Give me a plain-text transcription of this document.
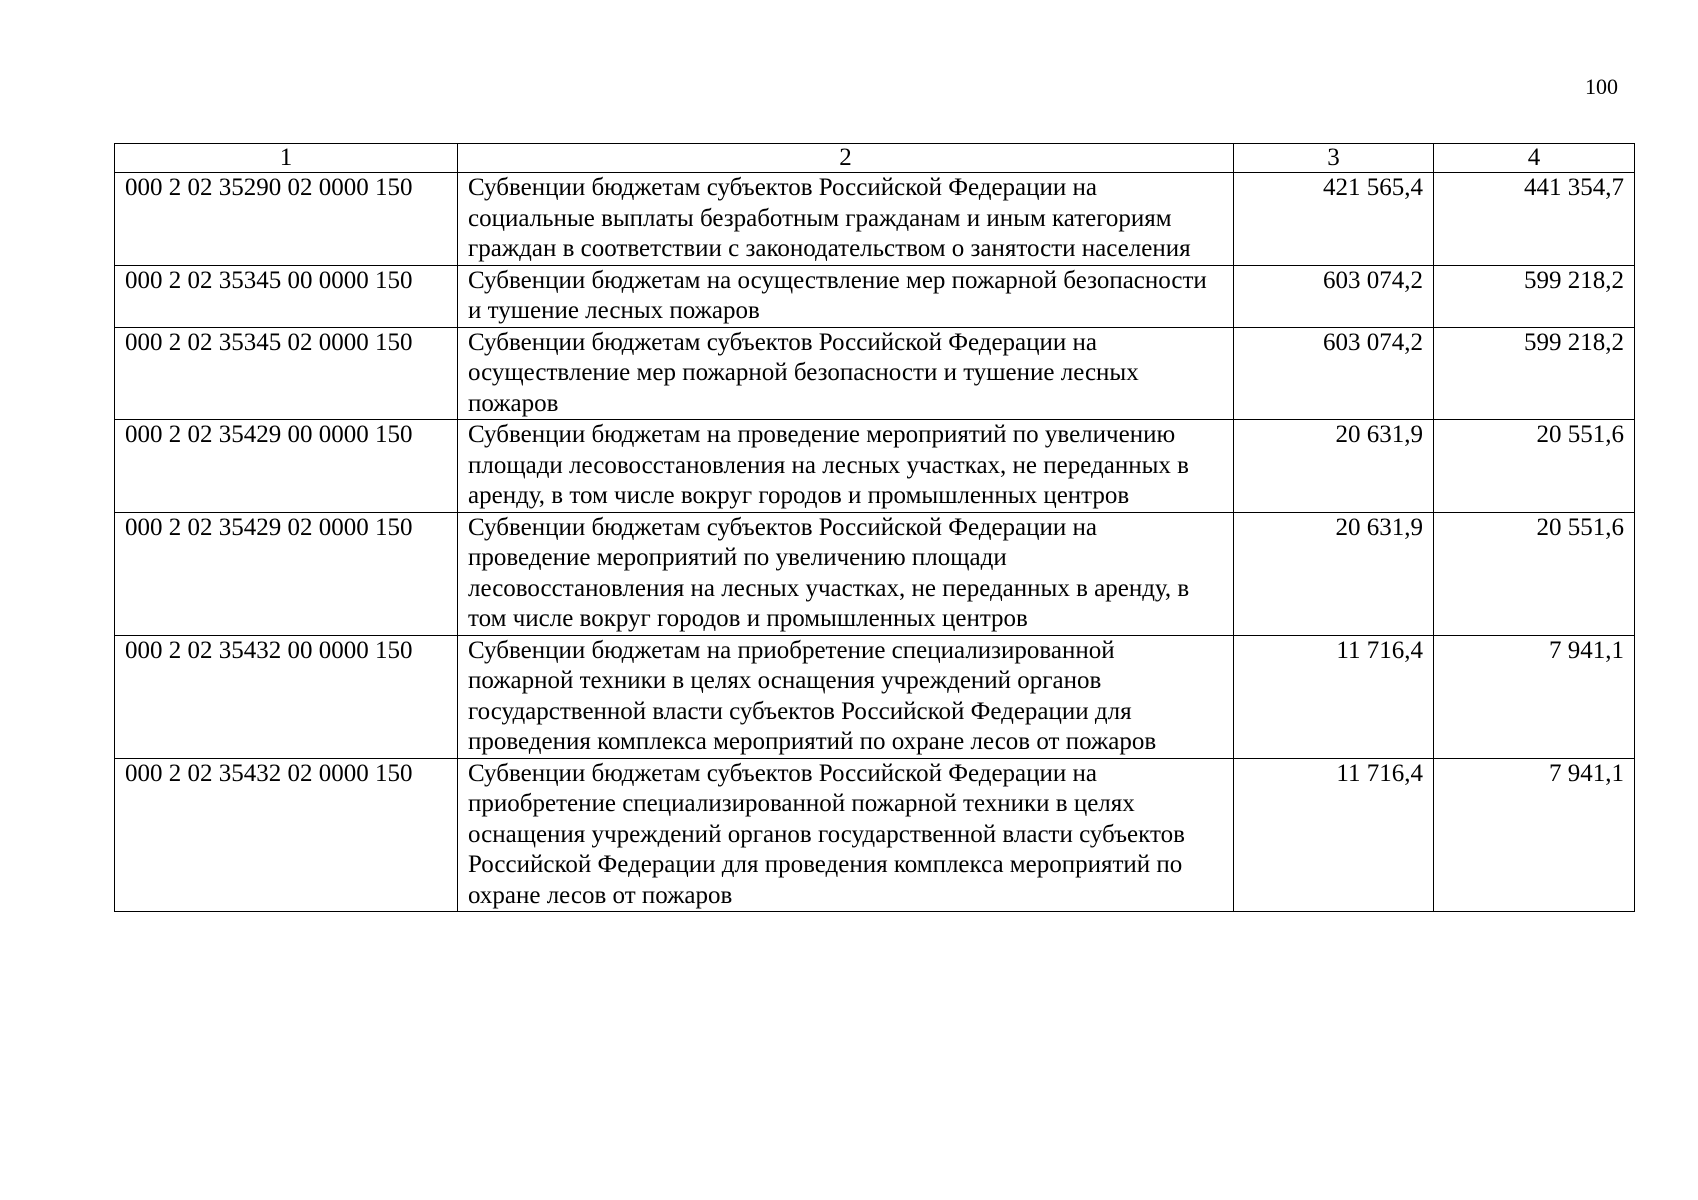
100
1	2	3	4
000 2 02 35290 02 0000 150	Субвенции бюджетам субъектов Российской Федерации на социальные выплаты безработным гражданам и иным категориям граждан в соответствии с законодательством о занятости населения	421 565,4	441 354,7
000 2 02 35345 00 0000 150	Субвенции бюджетам на осуществление мер пожарной безопасности и тушение лесных пожаров	603 074,2	599 218,2
000 2 02 35345 02 0000 150	Субвенции бюджетам субъектов Российской Федерации на осуществление мер пожарной безопасности и тушение лесных пожаров	603 074,2	599 218,2
000 2 02 35429 00 0000 150	Субвенции бюджетам на проведение мероприятий по увеличению площади лесовосстановления на лесных участках, не переданных в аренду, в том числе вокруг городов и промышленных центров	20 631,9	20 551,6
000 2 02 35429 02 0000 150	Субвенции бюджетам субъектов Российской Федерации на проведение мероприятий по увеличению площади лесовосстановления на лесных участках, не переданных в аренду, в том числе вокруг городов и промышленных центров	20 631,9	20 551,6
000 2 02 35432 00 0000 150	Субвенции бюджетам на приобретение специализированной пожарной техники в целях оснащения учреждений органов государственной власти субъектов Российской Федерации для проведения комплекса мероприятий по охране лесов от пожаров	11 716,4	7 941,1
000 2 02 35432 02 0000 150	Субвенции бюджетам субъектов Российской Федерации на приобретение специализированной пожарной техники в целях оснащения учреждений органов государственной власти субъектов Российской Федерации для проведения комплекса мероприятий по охране лесов от пожаров	11 716,4	7 941,1
